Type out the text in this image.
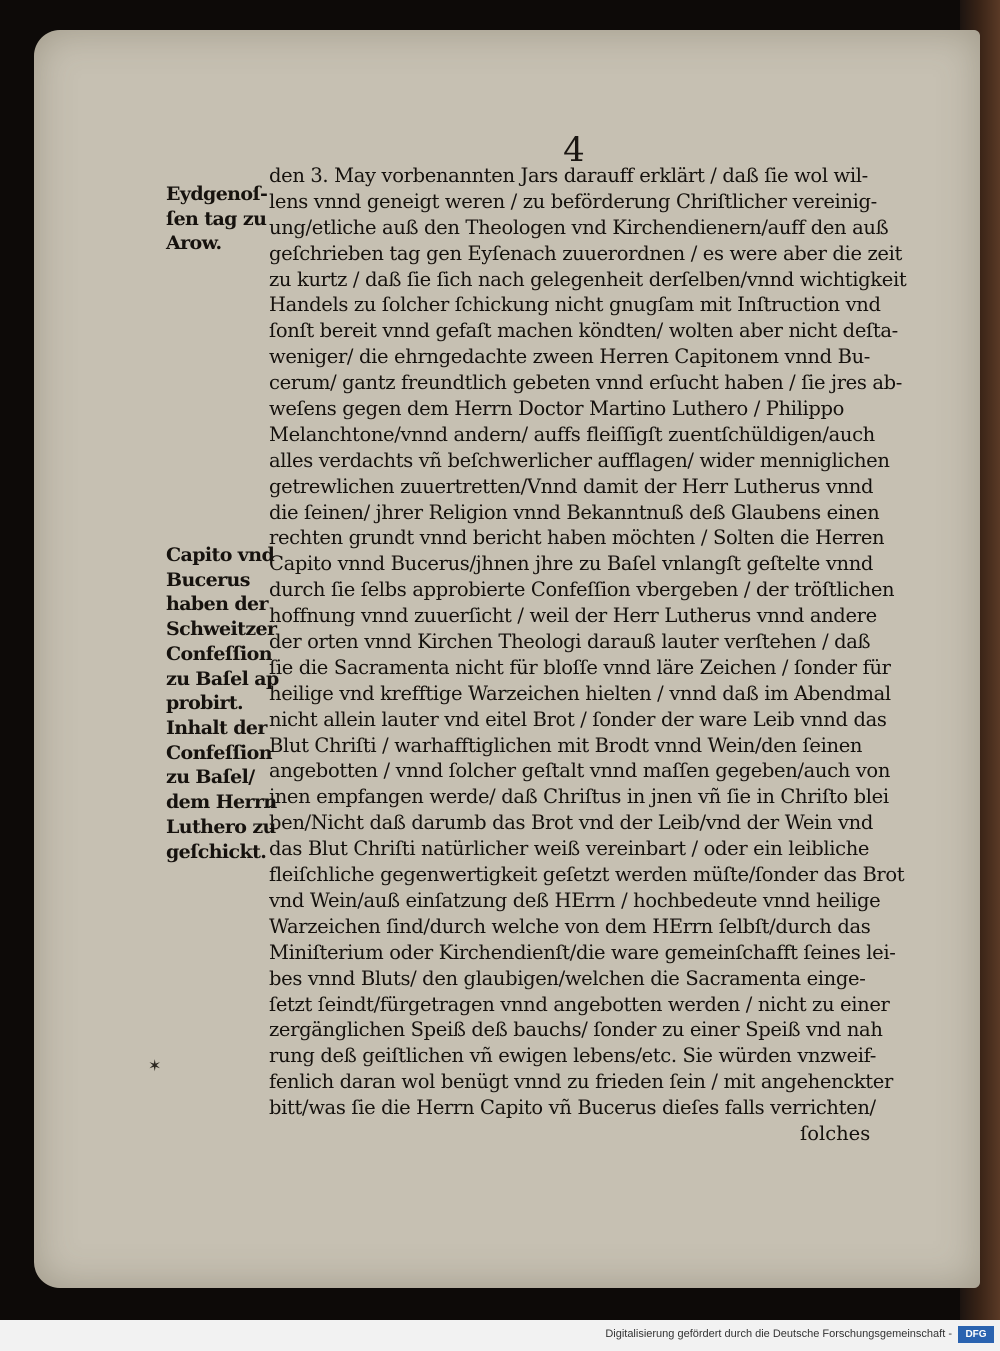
4
Eydgenoſ-
ſen tag zu
Arow.
Capito vnd
Bucerus
haben der
Schweitzer
Confeſſion
zu Baſel ap
probirt.
Inhalt der
Confeſſion
zu Baſel/
dem Herrn
Luthero zu
geſchickt.
✶
den 3. May vorbenannten Jars darauff erklärt / daß ſie wol wil-
lens vnnd geneigt weren / zu beförderung Chriſtlicher vereinig-
ung/etliche auß den Theologen vnd Kirchendienern/auff den auß
geſchrieben tag gen Eyſenach zuuerordnen / es were aber die zeit
zu kurtz / daß ſie ſich nach gelegenheit derſelben/vnnd wichtigkeit
Handels zu ſolcher ſchickung nicht gnugſam mit Inſtruction vnd
ſonſt bereit vnnd gefaſt machen köndten/ wolten aber nicht deſta-
weniger/ die ehrngedachte zween Herren Capitonem vnnd Bu-
cerum/ gantz freundtlich gebeten vnnd erſucht haben / ſie jres ab-
weſens gegen dem Herrn Doctor Martino Luthero / Philippo
Melanchtone/vnnd andern/ auffs fleiſſigſt zuentſchüldigen/auch
alles verdachts vñ beſchwerlicher aufflagen/ wider menniglichen
getrewlichen zuuertretten/Vnnd damit der Herr Lutherus vnnd
die ſeinen/ jhrer Religion vnnd Bekanntnuß deß Glaubens einen
rechten grundt vnnd bericht haben möchten / Solten die Herren
Capito vnnd Bucerus/jhnen jhre zu Baſel vnlangſt geſtelte vnnd
durch ſie ſelbs approbierte Confeſſion vbergeben / der tröſtlichen
hoffnung vnnd zuuerſicht / weil der Herr Lutherus vnnd andere
der orten vnnd Kirchen Theologi darauß lauter verſtehen / daß
ſie die Sacramenta nicht für bloſſe vnnd läre Zeichen / ſonder für
heilige vnd krefftige Warzeichen hielten / vnnd daß im Abendmal
nicht allein lauter vnd eitel Brot / ſonder der ware Leib vnnd das
Blut Chriſti / warhafftiglichen mit Brodt vnnd Wein/den ſeinen
angebotten / vnnd ſolcher geſtalt vnnd maſſen gegeben/auch von
jnen empfangen werde/ daß Chriſtus in jnen vñ ſie in Chriſto blei
ben/Nicht daß darumb das Brot vnd der Leib/vnd der Wein vnd
das Blut Chriſti natürlicher weiß vereinbart / oder ein leibliche
fleiſchliche gegenwertigkeit geſetzt werden müſte/ſonder das Brot
vnd Wein/auß einſatzung deß HErrn / hochbedeute vnnd heilige
Warzeichen ſind/durch welche von dem HErrn ſelbſt/durch das
Miniſterium oder Kirchendienſt/die ware gemeinſchafft ſeines lei-
bes vnnd Bluts/ den glaubigen/welchen die Sacramenta einge-
ſetzt ſeindt/fürgetragen vnnd angebotten werden / nicht zu einer
zergänglichen Speiß deß bauchs/ ſonder zu einer Speiß vnd nah
rung deß geiſtlichen vñ ewigen lebens/etc. Sie würden vnzweif-
fenlich daran wol benügt vnnd zu frieden ſein / mit angehenckter
bitt/was ſie die Herrn Capito vñ Bucerus dieſes falls verrichten/
ſolches
Digitalisierung gefördert durch die Deutsche Forschungsgemeinschaft -	DFG
